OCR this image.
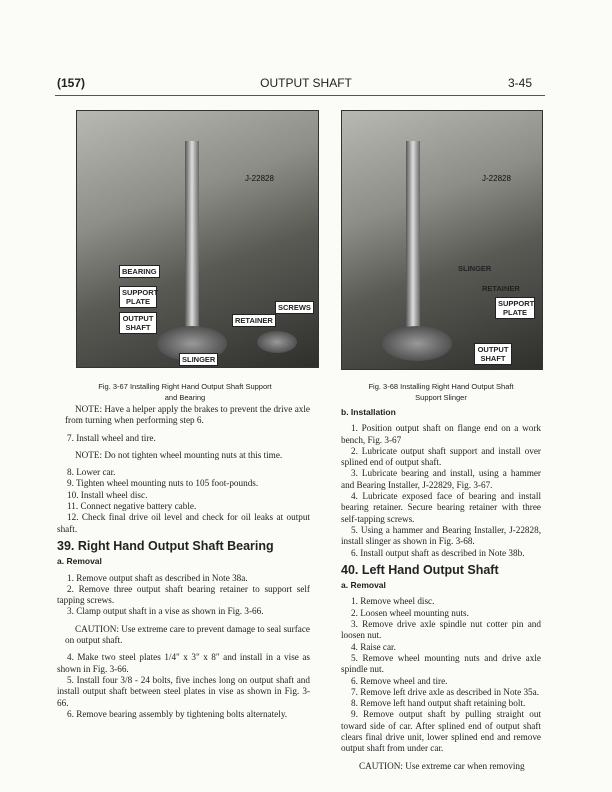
(157)	OUTPUT SHAFT	3-45
J-22828
BEARING
SUPPORT PLATE
SCREWS
OUTPUT SHAFT
RETAINER
SLINGER
Fig. 3-67 Installing Right Hand Output Shaft Support
and Bearing
J-22828
SLINGER
RETAINER
SUPPORT PLATE
OUTPUT SHAFT
Fig. 3-68 Installing Right Hand Output Shaft
Support Slinger

NOTE: Have a helper apply the brakes to prevent the drive axle from turning when performing step 6.

7. Install wheel and tire.

NOTE: Do not tighten wheel mounting nuts at this time.

8. Lower car.

9. Tighten wheel mounting nuts to 105 foot-pounds.

10. Install wheel disc.

11. Connect negative battery cable.

12. Check final drive oil level and check for oil leaks at output shaft.

39. Right Hand Output Shaft Bearing
a. Removal

1. Remove output shaft as described in Note 38a.

2. Remove three output shaft bearing retainer to support self tapping screws.

3. Clamp output shaft in a vise as shown in Fig. 3-66.

CAUTION: Use extreme care to prevent damage to seal surface on output shaft.

4. Make two steel plates 1/4" x 3" x 8" and install in a vise as shown in Fig. 3-66.

5. Install four 3/8 - 24 bolts, five inches long on output shaft and install output shaft between steel plates in vise as shown in Fig. 3-66.

6. Remove bearing assembly by tightening bolts alternately.

b. Installation

1. Position output shaft on flange end on a work bench, Fig. 3-67

2. Lubricate output shaft support and install over splined end of output shaft.

3. Lubricate bearing and install, using a hammer and Bearing Installer, J-22829, Fig. 3-67.

4. Lubricate exposed face of bearing and install bearing retainer. Secure bearing retainer with three self-tapping screws.

5. Using a hammer and Bearing Installer, J-22828, install slinger as shown in Fig. 3-68.

6. Install output shaft as described in Note 38b.

40. Left Hand Output Shaft
a. Removal

1. Remove wheel disc.

2. Loosen wheel mounting nuts.

3. Remove drive axle spindle nut cotter pin and loosen nut.

4. Raise car.

5. Remove wheel mounting nuts and drive axle spindle nut.

6. Remove wheel and tire.

7. Remove left drive axle as described in Note 35a.

8. Remove left hand output shaft retaining bolt.

9. Remove output shaft by pulling straight out toward side of car. After splined end of output shaft clears final drive unit, lower splined end and remove output shaft from under car.

CAUTION: Use extreme car when removing
